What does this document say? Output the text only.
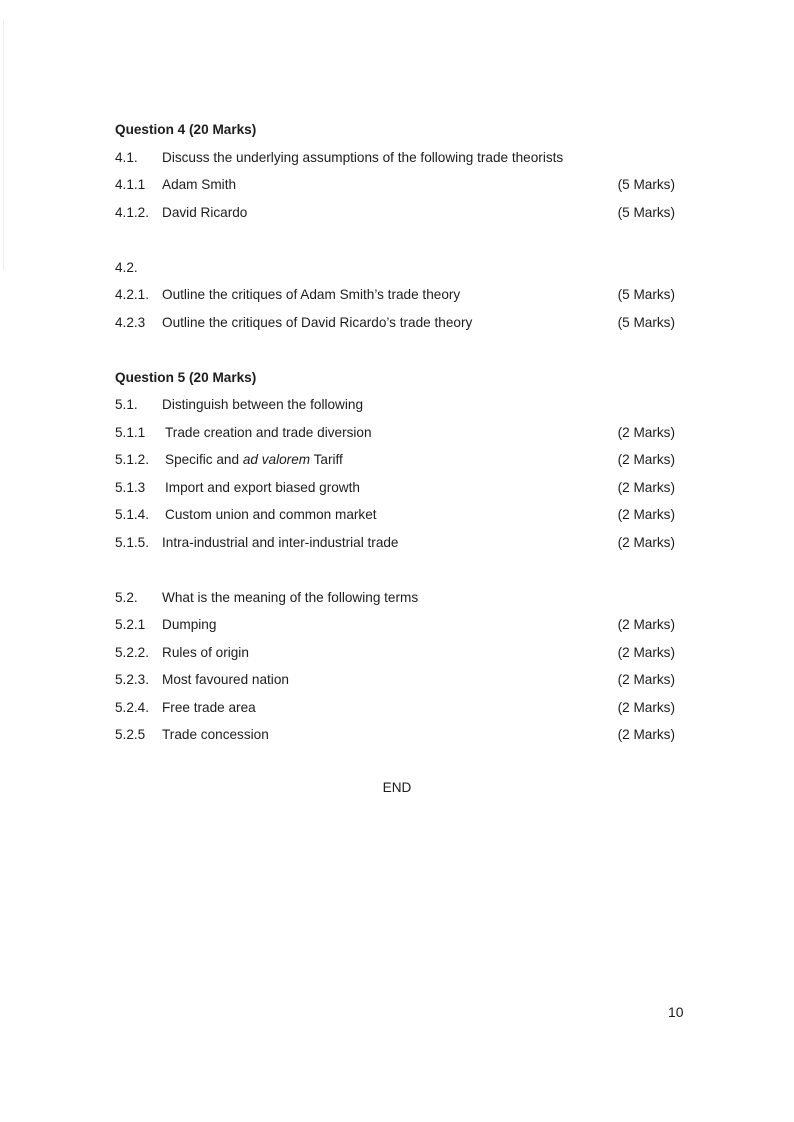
Question 4 (20 Marks)
4.1. Discuss the underlying assumptions of the following trade theorists
4.1.1 Adam Smith	(5 Marks)
4.1.2. David Ricardo	(5 Marks)
4.2.
4.2.1. Outline the critiques of Adam Smith’s trade theory	(5 Marks)
4.2.3 Outline the critiques of David Ricardo’s trade theory	(5 Marks)
Question 5 (20 Marks)
5.1. Distinguish between the following
5.1.1 Trade creation and trade diversion	(2 Marks)
5.1.2. Specific and ad valorem Tariff	(2 Marks)
5.1.3 Import and export biased growth	(2 Marks)
5.1.4. Custom union and common market	(2 Marks)
5.1.5. Intra-industrial and inter-industrial trade	(2 Marks)
5.2. What is the meaning of the following terms
5.2.1 Dumping	(2 Marks)
5.2.2. Rules of origin	(2 Marks)
5.2.3. Most favoured nation	(2 Marks)
5.2.4. Free trade area	(2 Marks)
5.2.5 Trade concession	(2 Marks)
END
10
